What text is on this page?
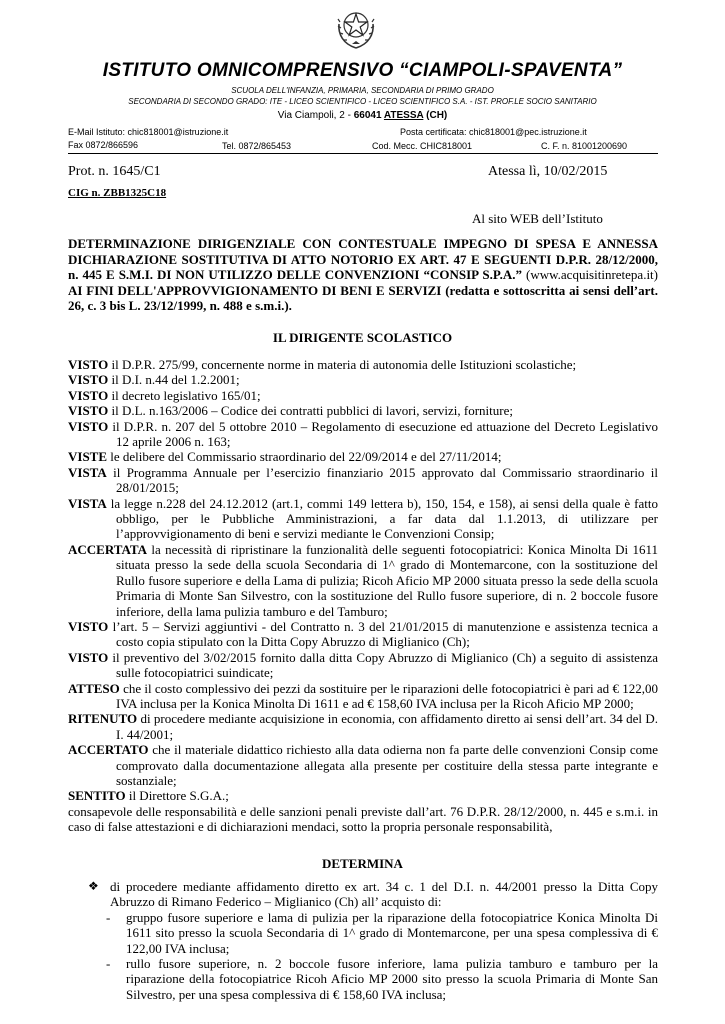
ISTITUTO OMNICOMPRENSIVO “CIAMPOLI-SPAVENTA”
SCUOLA DELL'INFANZIA, PRIMARIA, SECONDARIA DI PRIMO GRADO
SECONDARIA DI SECONDO GRADO: ITE - LICEO SCIENTIFICO - LICEO SCIENTIFICO S.A. - IST. PROF.LE SOCIO SANITARIO
Via Ciampoli, 2 - 66041 ATESSA (CH)
E-Mail Istituto: chic818001@istruzione.it	Posta certificata: chic818001@pec.istruzione.it
Fax 0872/866596	Tel. 0872/865453	Cod. Mecc. CHIC818001	C. F. n. 81001200690
Prot. n. 1645/C1	Atessa lì, 10/02/2015
CIG n. ZBB1325C18
Al sito WEB dell’Istituto
DETERMINAZIONE DIRIGENZIALE CON CONTESTUALE IMPEGNO DI SPESA E ANNESSA DICHIARAZIONE SOSTITUTIVA DI ATTO NOTORIO EX ART. 47 E SEGUENTI D.P.R. 28/12/2000, n. 445 E S.M.I. DI NON UTILIZZO DELLE CONVENZIONI “CONSIP S.P.A.” (www.acquisitinretepa.it) AI FINI DELL'APPROVVIGIONAMENTO DI BENI E SERVIZI (redatta e sottoscritta ai sensi dell’art. 26, c. 3 bis L. 23/12/1999, n. 488 e s.m.i.).
IL DIRIGENTE SCOLASTICO

VISTO il D.P.R. 275/99, concernente norme in materia di autonomia delle Istituzioni scolastiche;

VISTO il D.I. n.44 del 1.2.2001;

VISTO il decreto legislativo 165/01;

VISTO il D.L. n.163/2006 – Codice dei contratti pubblici di lavori, servizi, forniture;

VISTO il D.P.R. n. 207 del 5 ottobre 2010 – Regolamento di esecuzione ed attuazione del Decreto Legislativo 12 aprile 2006 n. 163;

VISTE le delibere del Commissario straordinario del 22/09/2014 e del 27/11/2014;

VISTA il Programma Annuale per l’esercizio finanziario 2015 approvato dal Commissario straordinario il 28/01/2015;

VISTA la legge n.228 del 24.12.2012 (art.1, commi 149 lettera b), 150, 154, e 158), ai sensi della quale è fatto obbligo, per le Pubbliche Amministrazioni, a far data dal 1.1.2013, di utilizzare per l’approvvigionamento di beni e servizi mediante le Convenzioni Consip;

ACCERTATA la necessità di ripristinare la funzionalità delle seguenti fotocopiatrici: Konica Minolta Di 1611 situata presso la sede della scuola Secondaria di 1^ grado di Montemarcone, con la sostituzione del Rullo fusore superiore e della Lama di pulizia; Ricoh Aficio MP 2000 situata presso la sede della scuola Primaria di Monte San Silvestro, con la sostituzione del Rullo fusore superiore, di n. 2 boccole fusore inferiore, della lama pulizia tamburo e del Tamburo;

VISTO l’art. 5 – Servizi aggiuntivi - del Contratto n. 3 del 21/01/2015 di manutenzione e assistenza tecnica a costo copia stipulato con la Ditta Copy Abruzzo di Miglianico (Ch);

VISTO il preventivo del 3/02/2015 fornito dalla ditta Copy Abruzzo di Miglianico (Ch) a seguito di assistenza sulle fotocopiatrici suindicate;

ATTESO che il costo complessivo dei pezzi da sostituire per le riparazioni delle fotocopiatrici è pari ad € 122,00 IVA inclusa per la Konica Minolta Di 1611 e ad € 158,60 IVA inclusa per la Ricoh Aficio MP 2000;

RITENUTO di procedere mediante acquisizione in economia, con affidamento diretto ai sensi dell’art. 34 del D. I. 44/2001;

ACCERTATO che il materiale didattico richiesto alla data odierna non fa parte delle convenzioni Consip come comprovato dalla documentazione allegata alla presente per costituire della stessa parte integrante e sostanziale;

SENTITO il Direttore S.G.A.;

consapevole delle responsabilità e delle sanzioni penali previste dall’art. 76 D.P.R. 28/12/2000, n. 445 e s.m.i. in caso di false attestazioni e di dichiarazioni mendaci, sotto la propria personale responsabilità,

DETERMINA

❖ di procedere mediante affidamento diretto ex art. 34 c. 1 del D.I. n. 44/2001 presso la Ditta Copy Abruzzo di Rimano Federico – Miglianico (Ch) all’ acquisto di:

- gruppo fusore superiore e lama di pulizia per la riparazione della fotocopiatrice Konica Minolta Di 1611 sito presso la scuola Secondaria di 1^ grado di Montemarcone, per una spesa complessiva di € 122,00 IVA inclusa;

- rullo fusore superiore, n. 2 boccole fusore inferiore, lama pulizia tamburo e tamburo per la riparazione della fotocopiatrice Ricoh Aficio MP 2000 sito presso la scuola Primaria di Monte San Silvestro, per una spesa complessiva di € 158,60 IVA inclusa;
